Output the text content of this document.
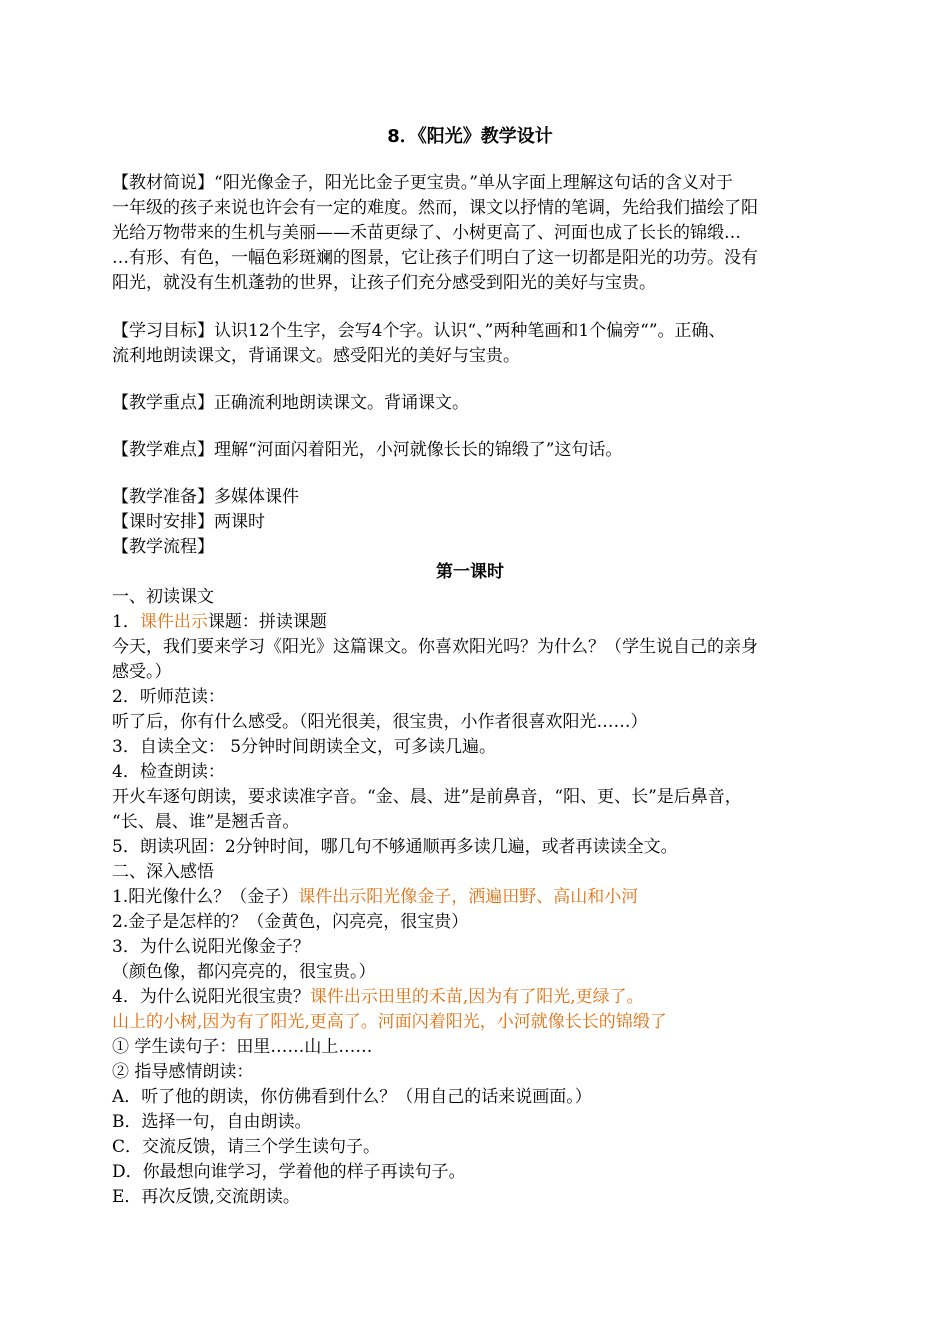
8．《阳光》教学设计
【教材简说】“阳光像金子，阳光比金子更宝贵。”单从字面上理解这句话的含义对于
一年级的孩子来说也许会有一定的难度。然而，课文以抒情的笔调，先给我们描绘了阳
光给万物带来的生机与美丽——禾苗更绿了、小树更高了、河面也成了长长的锦缎…
…有形、有色，一幅色彩斑斓的图景，它让孩子们明白了这一切都是阳光的功劳。没有
阳光，就没有生机蓬勃的世界，让孩子们充分感受到阳光的美好与宝贵。
【学习目标】认识12个生字，会写4个字。认识“、”两种笔画和1个偏旁“”。正确、
流利地朗读课文，背诵课文。感受阳光的美好与宝贵。
【教学重点】正确流利地朗读课文。背诵课文。
【教学难点】理解“河面闪着阳光，小河就像长长的锦缎了”这句话。
【教学准备】多媒体课件
【课时安排】两课时
【教学流程】
第一课时
一、初读课文
1．课件出示课题：拼读课题
今天，我们要来学习《阳光》这篇课文。你喜欢阳光吗？为什么？（学生说自己的亲身
感受。）
2．听师范读：
听了后，你有什么感受。（阳光很美，很宝贵，小作者很喜欢阳光……）
3．自读全文： 5分钟时间朗读全文，可多读几遍。
4．检查朗读：
开火车逐句朗读，要求读准字音。“金、晨、进”是前鼻音，“阳、更、长”是后鼻音，
“长、晨、谁”是翘舌音。
5．朗读巩固：2分钟时间，哪几句不够通顺再多读几遍，或者再读读全文。
二、深入感悟
1.阳光像什么？（金子）课件出示阳光像金子，洒遍田野、高山和小河
2.金子是怎样的？（金黄色，闪亮亮，很宝贵）
3．为什么说阳光像金子？
（颜色像，都闪亮亮的，很宝贵。）
4．为什么说阳光很宝贵？课件出示田里的禾苗,因为有了阳光,更绿了。
山上的小树,因为有了阳光,更高了。河面闪着阳光，小河就像长长的锦缎了
① 学生读句子：田里……山上……
② 指导感情朗读：
A．听了他的朗读，你仿佛看到什么？（用自己的话来说画面。）
B．选择一句，自由朗读。
C．交流反馈，请三个学生读句子。
D．你最想向谁学习，学着他的样子再读句子。
E．再次反馈,交流朗读。
